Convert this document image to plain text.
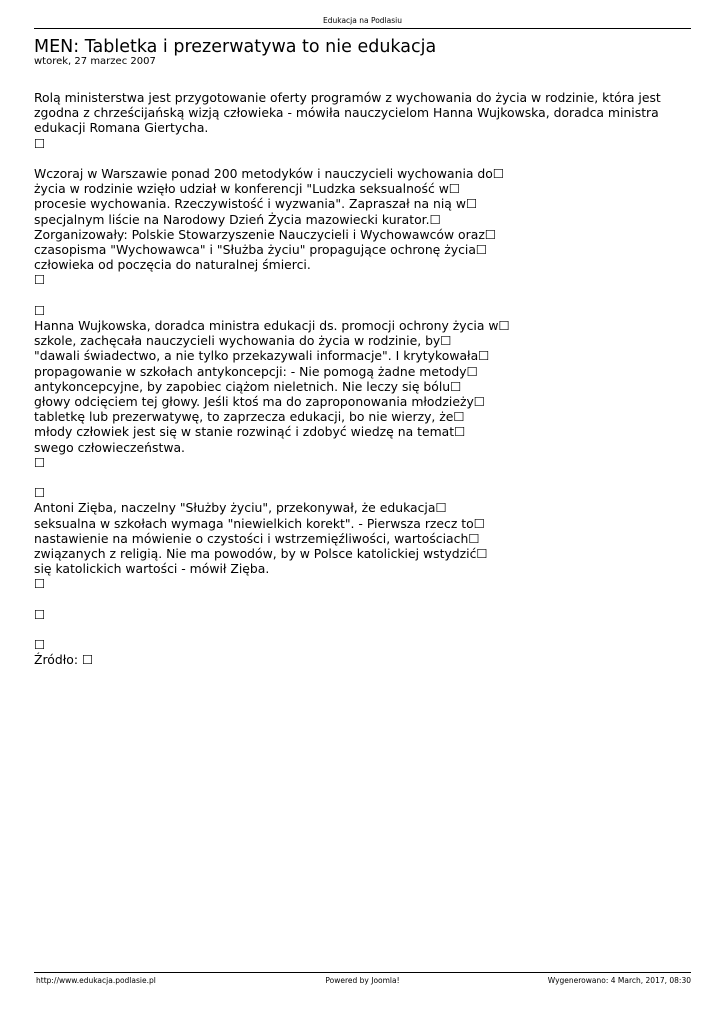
Edukacja na Podlasiu
MEN: Tabletka i prezerwatywa to nie edukacja
wtorek, 27 marzec 2007

Rolą ministerstwa jest przygotowanie oferty programów z wychowania do życia w rodzinie, która jest
zgodna z chrześcijańską wizją człowieka - mówiła nauczycielom Hanna Wujkowska, doradca ministra
edukacji Romana Giertycha.
☐

Wczoraj w Warszawie ponad 200 metodyków i nauczycieli wychowania do☐
życia w rodzinie wzięło udział w konferencji "Ludzka seksualność w☐
procesie wychowania. Rzeczywistość i wyzwania". Zapraszał na nią w☐
specjalnym liście na Narodowy Dzień Życia mazowiecki kurator.☐
Zorganizowały: Polskie Stowarzyszenie Nauczycieli i Wychowawców oraz☐
czasopisma "Wychowawca" i "Służba życiu" propagujące ochronę życia☐
człowieka od poczęcia do naturalnej śmierci.
☐

☐
Hanna Wujkowska, doradca ministra edukacji ds. promocji ochrony życia w☐
szkole, zachęcała nauczycieli wychowania do życia w rodzinie, by☐
"dawali świadectwo, a nie tylko przekazywali informacje". I krytykowała☐
propagowanie w szkołach antykoncepcji: - Nie pomogą żadne metody☐
antykoncepcyjne, by zapobiec ciążom nieletnich. Nie leczy się bólu☐
głowy odcięciem tej głowy. Jeśli ktoś ma do zaproponowania młodzieży☐
tabletkę lub prezerwatywę, to zaprzecza edukacji, bo nie wierzy, że☐
młody człowiek jest się w stanie rozwinąć i zdobyć wiedzę na temat☐
swego człowieczeństwa.
☐

☐
Antoni Zięba, naczelny "Służby życiu", przekonywał, że edukacja☐
seksualna w szkołach wymaga "niewielkich korekt". - Pierwsza rzecz to☐
nastawienie na mówienie o czystości i wstrzemięźliwości, wartościach☐
związanych z religią. Nie ma powodów, by w Polsce katolickiej wstydzić☐
się katolickich wartości - mówił Zięba.
☐

☐

☐
Źródło: ☐

Powered by Joomla!
http://www.edukacja.podlasie.pl	Wygenerowano: 4 March, 2017, 08:30
